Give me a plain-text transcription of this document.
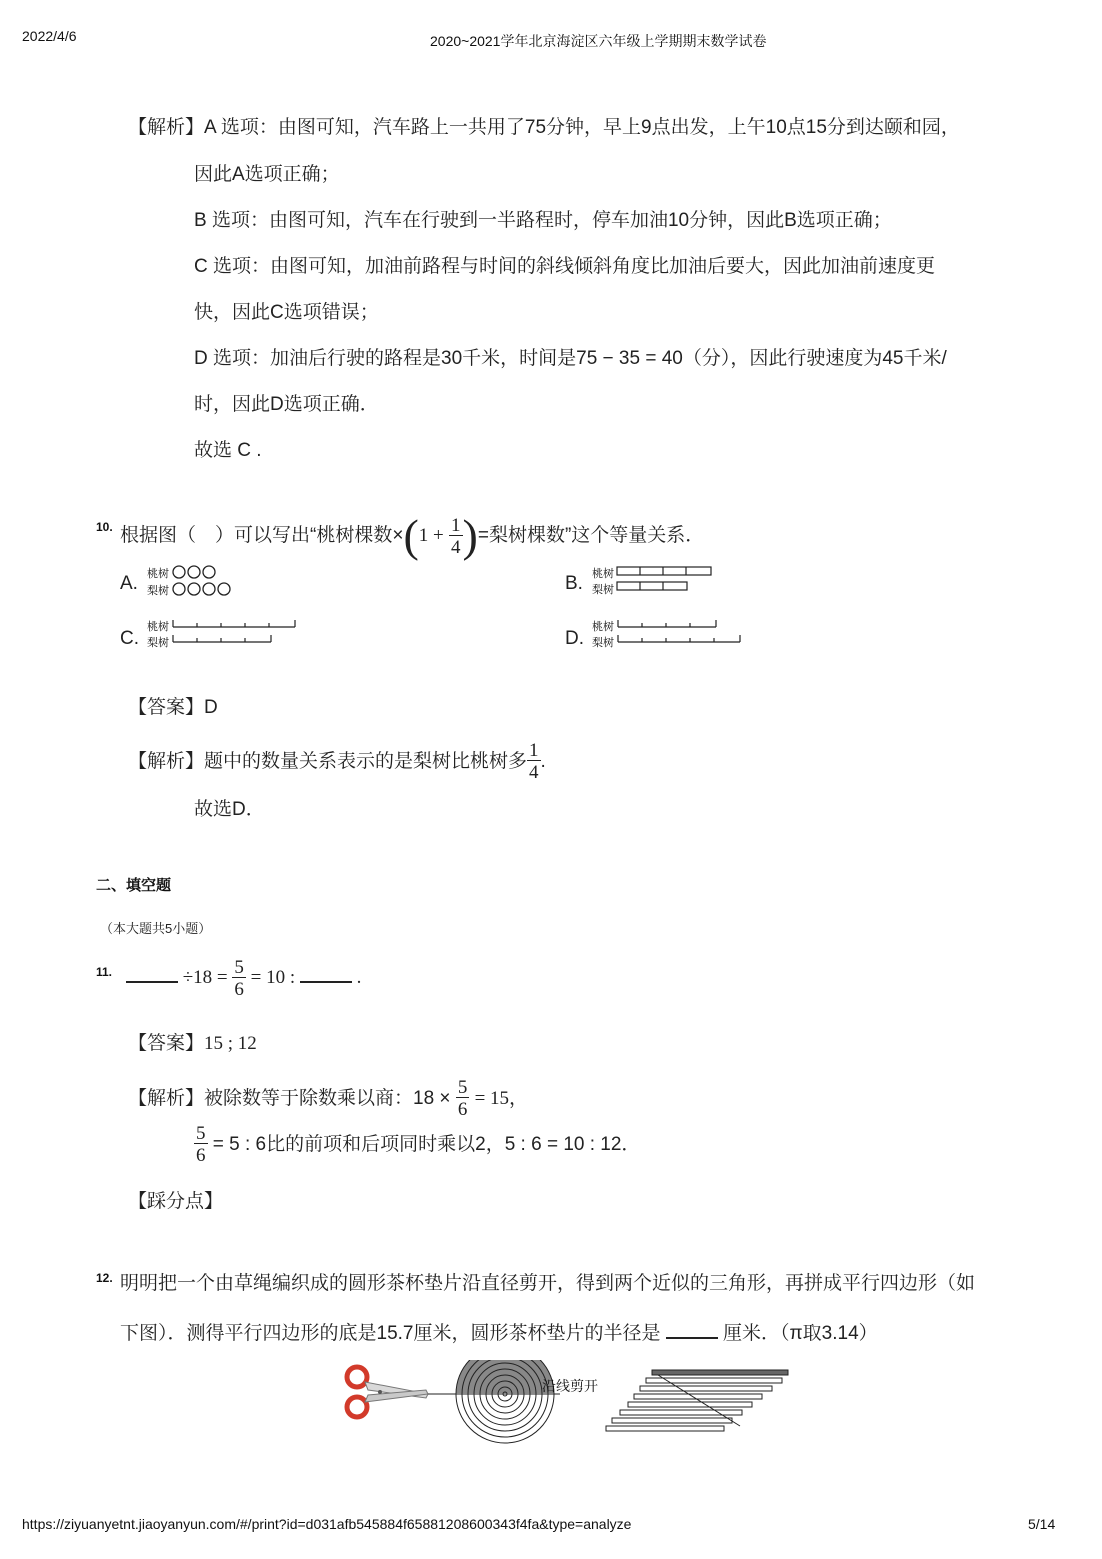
2022/4/6	2020~2021学年北京海淀区六年级上学期期末数学试卷
【解析】A 选项：由图可知，汽车路上一共用了75分钟，早上9点出发，上午10点15分到达颐和园，
因此A选项正确；
B 选项：由图可知，汽车在行驶到一半路程时，停车加油10分钟，因此B选项正确；
C 选项：由图可知，加油前路程与时间的斜线倾斜角度比加油后要大，因此加油前速度更
快，因此C选项错误；
D 选项：加油后行驶的路程是30千米，时间是75 − 35 = 40（分），因此行驶速度为45千米/
时，因此D选项正确．
故选 C .
10. 根据图（　）可以写出“桃树棵数$\times(1 + \frac{1}{4}$ )=梨树棵数”这个等量关系．
A. 桃树
梨树	B. 桃树
梨树
C.
桃树
梨树	D.
桃树
梨树
【答案】D
【解析】题中的数量关系表示的是梨树比桃树多 $\frac{1}{4}$ .
故选D．
二、填空题
（本大题共5小题）
11.	$\div 18 = \frac{5}{6} = 10$ :	.
【答案】15 ; 12
【解析】被除数等于除数乘以商：$18 \times \frac{5}{6} = 15$，
$\frac{5}{6} = 5$ : 6比的前项和后项同时乘以2，5 : 6 = 10 : 12．
【踩分点】
12. 明明把一个由草绳编织成的圆形茶杯垫片沿直径剪开，得到两个近似的三角形，再拼成平行四边形（如
下图）．测得平行四边形的底是15.7厘米，圆形茶杯垫片的半径是	厘米．（π取3.14）
沿线剪开
https://ziyuanyetnt.jiaoyanyun.com/#/print?id=d031afb545884f65881208600343f4fa&type=analyze	5/14
